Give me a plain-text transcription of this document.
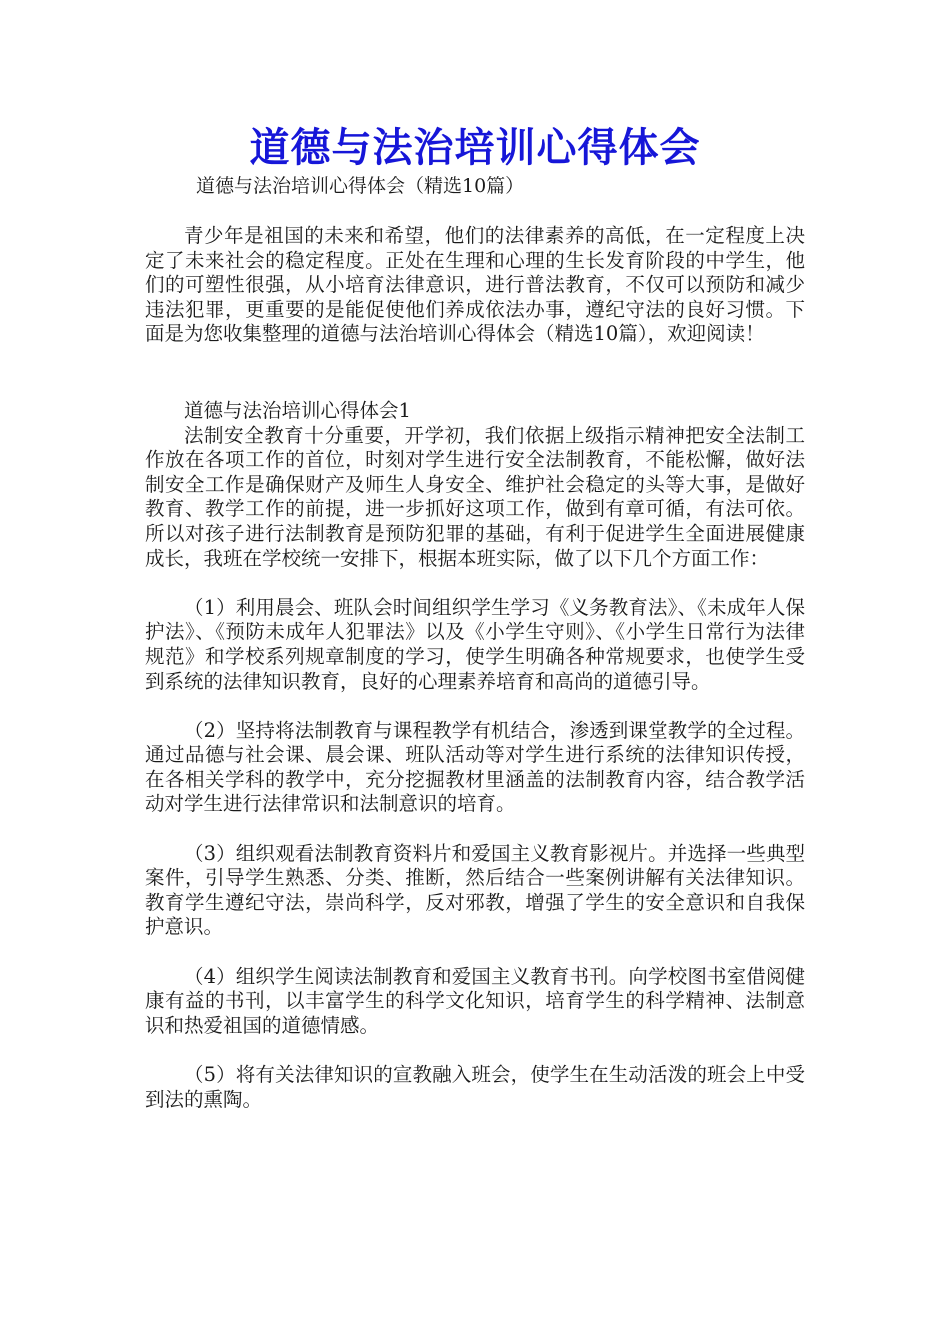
道德与法治培训心得体会
道德与法治培训心得体会（精选10篇）

青少年是祖国的未来和希望，他们的法律素养的高低，在一定程度上决定了未来社会的稳定程度。正处在生理和心理的生长发育阶段的中学生，他们的可塑性很强，从小培育法律意识，进行普法教育，不仅可以预防和减少违法犯罪，更重要的是能促使他们养成依法办事，遵纪守法的良好习惯。下面是为您收集整理的道德与法治培训心得体会（精选10篇），欢迎阅读！

道德与法治培训心得体会1

法制安全教育十分重要，开学初，我们依据上级指示精神把安全法制工作放在各项工作的首位，时刻对学生进行安全法制教育，不能松懈，做好法制安全工作是确保财产及师生人身安全、维护社会稳定的头等大事，是做好教育、教学工作的前提，进一步抓好这项工作，做到有章可循，有法可依。所以对孩子进行法制教育是预防犯罪的基础，有利于促进学生全面进展健康成长，我班在学校统一安排下，根据本班实际，做了以下几个方面工作：

（1）利用晨会、班队会时间组织学生学习《义务教育法》、《未成年人保护法》、《预防未成年人犯罪法》以及《小学生守则》、《小学生日常行为法律规范》和学校系列规章制度的学习，使学生明确各种常规要求，也使学生受到系统的法律知识教育，良好的心理素养培育和高尚的道德引导。

（2）坚持将法制教育与课程教学有机结合，渗透到课堂教学的全过程。通过品德与社会课、晨会课、班队活动等对学生进行系统的法律知识传授，在各相关学科的教学中，充分挖掘教材里涵盖的法制教育内容，结合教学活动对学生进行法律常识和法制意识的培育。

（3）组织观看法制教育资料片和爱国主义教育影视片。并选择一些典型案件，引导学生熟悉、分类、推断，然后结合一些案例讲解有关法律知识。教育学生遵纪守法，崇尚科学，反对邪教，增强了学生的安全意识和自我保护意识。

（4）组织学生阅读法制教育和爱国主义教育书刊。向学校图书室借阅健康有益的书刊，以丰富学生的科学文化知识，培育学生的科学精神、法制意识和热爱祖国的道德情感。

（5）将有关法律知识的宣教融入班会，使学生在生动活泼的班会上中受到法的熏陶。
